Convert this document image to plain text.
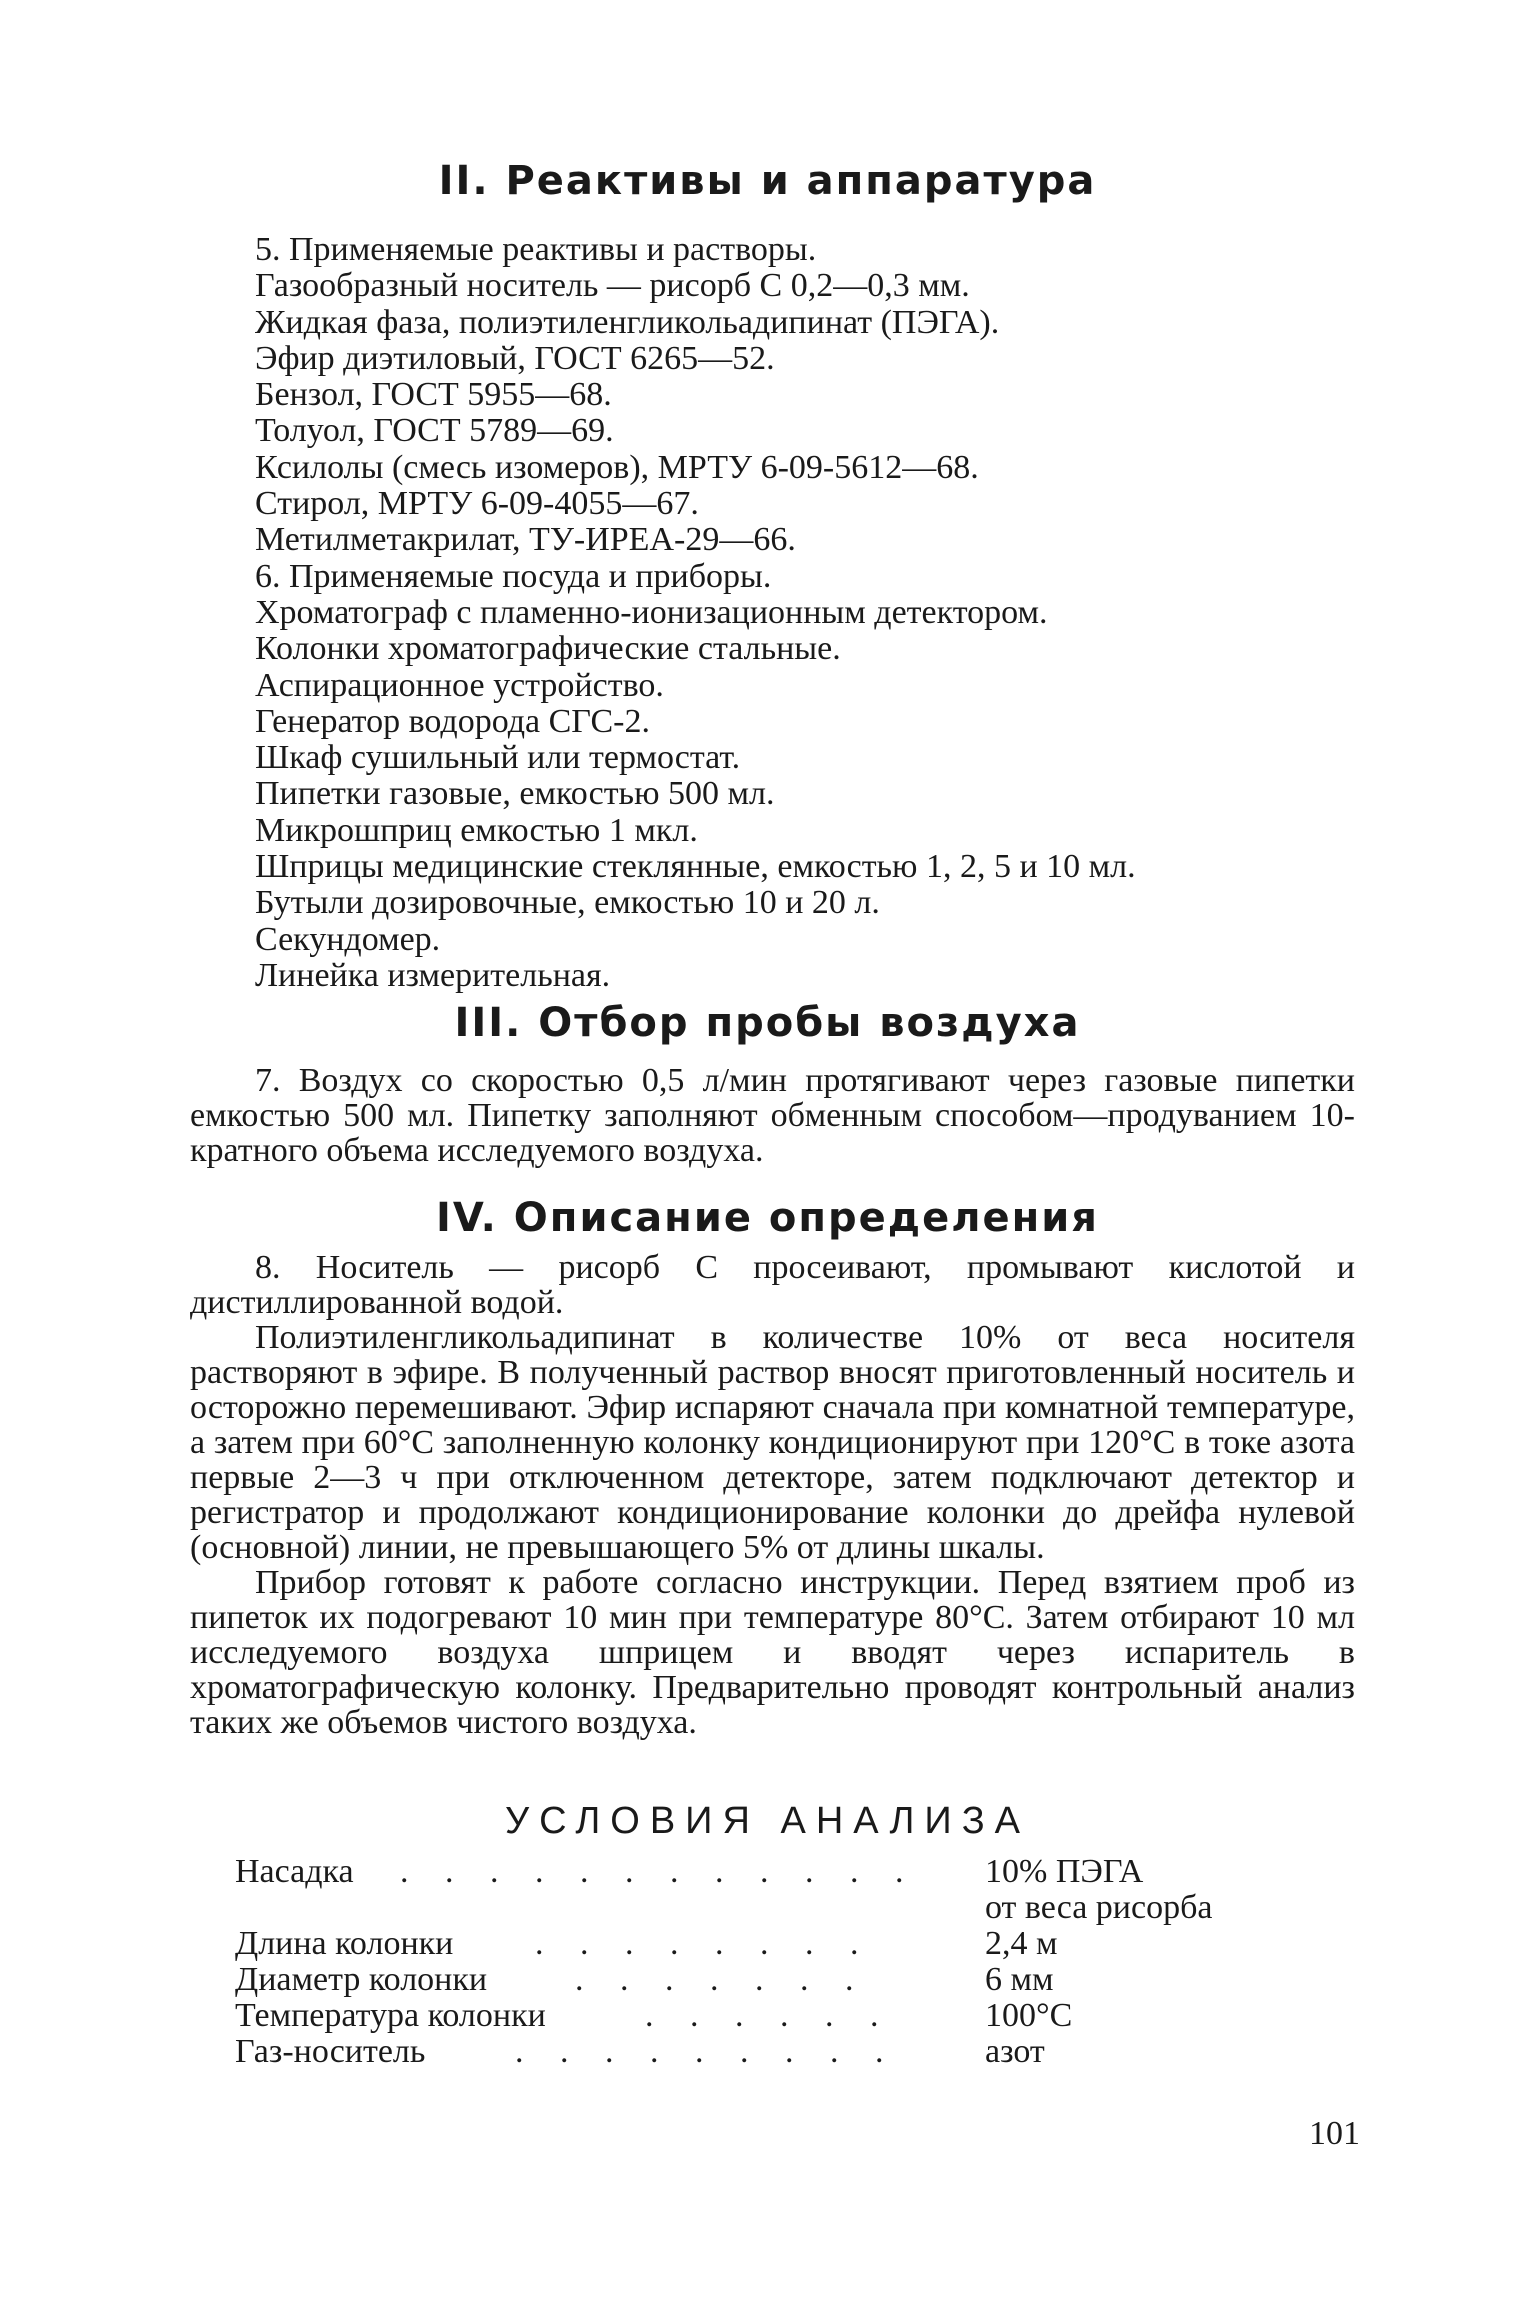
II. Реактивы и аппаратура
5. Применяемые реактивы и растворы.
Газообразный носитель — рисорб С 0,2—0,3 мм.
Жидкая фаза, полиэтиленгликольадипинат (ПЭГА).
Эфир диэтиловый, ГОСТ 6265—52.
Бензол, ГОСТ 5955—68.
Толуол, ГОСТ 5789—69.
Ксилолы (смесь изомеров), МРТУ 6-09-5612—68.
Стирол, МРТУ 6-09-4055—67.
Метилметакрилат, ТУ-ИРЕА-29—66.
6. Применяемые посуда и приборы.
Хроматограф с пламенно-ионизационным детектором.
Колонки хроматографические стальные.
Аспирационное устройство.
Генератор водорода СГС-2.
Шкаф сушильный или термостат.
Пипетки газовые, емкостью 500 мл.
Микрошприц емкостью 1 мкл.
Шприцы медицинские стеклянные, емкостью 1, 2, 5 и 10 мл.
Бутыли дозировочные, емкостью 10 и 20 л.
Секундомер.
Линейка измерительная.
III. Отбор пробы воздуха

7. Воздух со скоростью 0,5 л/мин протягивают через газовые пипетки емкостью 500 мл. Пипетку заполняют обменным способом—продуванием 10-кратного объема исследуемого воздуха.

IV. Описание определения

8. Носитель — рисорб С просеивают, промывают кислотой и дистиллированной водой.

Полиэтиленгликольадипинат в количестве 10% от веса носителя растворяют в эфире. В полученный раствор вносят приготовленный носитель и осторожно перемешивают. Эфир испаряют сначала при комнатной температуре, а затем при 60°С заполненную колонку кондиционируют при 120°С в токе азота первые 2—3 ч при отключенном детекторе, затем подключают детектор и регистратор и продолжают кондиционирование колонки до дрейфа нулевой (основной) линии, не превышающего 5% от длины шкалы.

Прибор готовят к работе согласно инструкции. Перед взятием проб из пипеток их подогревают 10 мин при температуре 80°С. Затем отбирают 10 мл исследуемого воздуха шприцем и вводят через испаритель в хроматографическую колонку. Предварительно проводят контрольный анализ таких же объемов чистого воздуха.

УСЛОВИЯ АНАЛИЗА
Насадка . . . . . . . . . . . . 10% ПЭГА
от веса рисорба
Длина колонки . . . . . . . .	2,4 м
Диаметр колонки	. . . . . . .	6 мм
Температура колонки	. . . . . .	100°С
Газ-носитель	. . . . . . . . .	азот
101
